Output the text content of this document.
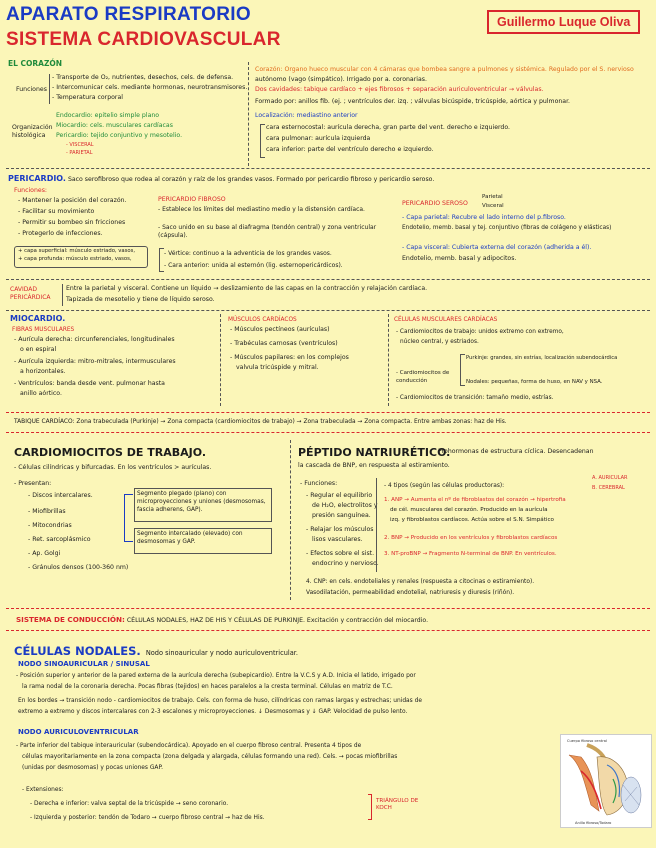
APARATO RESPIRATORIO
SISTEMA CARDIOVASCULAR
Guillermo Luque Oliva
EL CORAZÓN
Funciones
- Transporte de O₂, nutrientes, desechos, cels. de defensa.
- Intercomunicar cels. mediante hormonas, neurotransmisores.
- Temperatura corporal
Organización histológica
Endocardio: epitelio simple plano
Miocardio: cels. musculares cardíacas
Pericardio: tejido conjuntivo y mesotelio.
- VISCERAL
- PARIETAL
Corazón: Órgano hueco muscular con 4 cámaras que bombea sangre a pulmones y sistémica. Regulado por el S. nervioso
autónomo (vago (simpático). Irrigado por a. coronarias.
Dos cavidades: tabique cardíaco + ejes fibrosos + separación auriculoventricular → válvulas.
Formado por: anillos fib. (ej. ; ventrículos der. izq. ; válvulas bicúspide, tricúspide, aórtica y pulmonar.
Localización: mediastino anterior
cara esternocostal: aurícula derecha, gran parte del vent. derecho e izquierdo.
cara pulmonar: aurícula izquierda
cara inferior: parte del ventrículo derecho e izquierdo.
PERICARDIO. Saco serofibroso que rodea al corazón y raíz de los grandes vasos. Formado por pericardio fibroso y pericardio seroso.
Funciones:
- Mantener la posición del corazón.
- Facilitar su movimiento
- Permitir su bombeo sin fricciones
- Protegerlo de infecciones.
+ capa superficial: músculo estriado, vasos,
+ capa profunda: músculo estriado, vasos,
PERICARDIO FIBROSO
- Establece los límites del mediastino medio y la distensión cardíaca.
- Saco unido en su base al diafragma (tendón central) y zona ventricular (cápsula).
- Vértice: continuo a la adventicia de los grandes vasos.
- Cara anterior: unida al esternón (lig. esternopericárdicos).
PERICARDIO SEROSO
Parietal
Visceral
- Capa parietal: Recubre el lado interno del p.fibroso.
Endotelio, memb. basal y tej. conjuntivo (fibras de colágeno y elásticas)
- Capa visceral: Cubierta externa del corazón (adherida a él).
Endotelio, memb. basal y adipocitos.
CAVIDAD PERICÁRDICA
Entre la parietal y visceral. Contiene un líquido → deslizamiento de las capas en la contracción y relajación cardíaca.
Tapizada de mesotelio y tiene de líquido seroso.
MIOCARDIO.
FIBRAS MUSCULARES
- Aurícula derecha: circunferenciales, longitudinales
o en espiral
- Aurícula izquierda: mitro-mitrales, intermusculares
a horizontales.
- Ventrículos: banda desde vent. pulmonar hasta
anillo aórtico.
MÚSCULOS CARDÍACOS
- Músculos pectíneos (aurículas)
- Trabéculas carnosas (ventrículos)
- Músculos papilares: en los complejos
valvula tricúspide y mitral.
CÉLULAS MUSCULARES CARDÍACAS
- Cardiomiocitos de trabajo: unidos extremo con extremo,
núcleo central, y estriados.
Purkinje: grandes, sin estrías, localización subendocárdica
- Cardiomiocitos de conducción	Nodales: pequeñas, forma de huso, en NAV y NSA.
- Cardiomiocitos de transición: tamaño medio, estrías.
TABIQUE CARDÍACO: Zona trabeculada (Purkinje) → Zona compacta (cardiomiocitos de trabajo) → Zona trabeculada → Zona compacta. Entre ambas zonas: haz de His.
CARDIOMIOCITOS DE TRABAJO.
- Células cilíndricas y bifurcadas. En los ventrículos > aurículas.
- Presentan:
- Discos intercalares.
- Miofibrillas
- Mitocondrias
- Ret. sarcoplásmico
- Ap. Golgi
- Gránulos densos (100-360 nm)
Segmento plegado (plano) con microproyecciones y uniones (desmosomas, fascia adherens, GAP).
Segmento intercalado (elevado) con desmosomas y GAP.
PÉPTIDO NATRIURÉTICO.
Prohormonas de estructura cíclica. Desencadenan
la cascada de BNP, en respuesta al estiramiento.
- Funciones:
- Regular el equilibrio
de H₂O, electrolitos y
presión sanguínea.
- Relajar los músculos
lisos vasculares.
- Efectos sobre el sist.
endocrino y nervioso.
- 4 tipos (según las células productoras):
A. AURICULAR
B. CEREBRAL
1. ANP → Aumenta el nº de fibroblastos del corazón → hipertrofia
de cél. musculares del corazón. Producido en la aurícula
izq. y fibroblastos cardíacos. Actúa sobre el S.N. Simpático
2. BNP → Producido en los ventrículos y fibroblastos cardíacos
3. NT-proBNP → Fragmento N-terminal de BNP. En ventrículos.
4. CNP: en cels. endoteliales y renales (respuesta a citocinas o estiramiento).
Vasodilatación, permeabilidad endotelial, natriuresis y diuresis (riñón).
SISTEMA DE CONDUCCIÓN: CÉLULAS NODALES, HAZ DE HIS Y CÉLULAS DE PURKINJE. Excitación y contracción del miocardio.
CÉLULAS NODALES. Nodo sinoauricular y nodo auriculoventricular.
NODO SINOAURICULAR / SINUSAL
- Posición superior y anterior de la pared externa de la aurícula derecha (subepicardio). Entre la V.C.S y A.D. Inicia el latido, irrigado por
la rama nodal de la coronaria derecha. Pocas fibras (tejidos) en haces paralelos a la cresta terminal. Células en matriz de T.C.
En los bordes → transición nodo - cardiomiocitos de trabajo. Cels. con forma de huso, cilíndricas con ramas largas y estrechas; unidas de
extremo a extremo y discos intercalares con 2-3 escalones y microproyecciones. ↓ Desmosomas y ↓ GAP. Velocidad de pulso lento.
NODO AURICULOVENTRICULAR
- Parte inferior del tabique interauricular (subendocárdica). Apoyado en el cuerpo fibroso central. Presenta 4 tipos de
células mayoritariamente en la zona compacta (zona delgada y alargada, células formando una red). Cels. → pocas miofibrillas
(unidas por desmosomas) y pocas uniones GAP.
- Extensiones:
- Derecha e inferior: valva septal de la tricúspide → seno coronario.
- Izquierda y posterior: tendón de Todaro → cuerpo fibroso central → haz de His.
TRIÁNGULO DE KOCH
Cuerpo fibroso central
Anillo fibroso/Todaro
